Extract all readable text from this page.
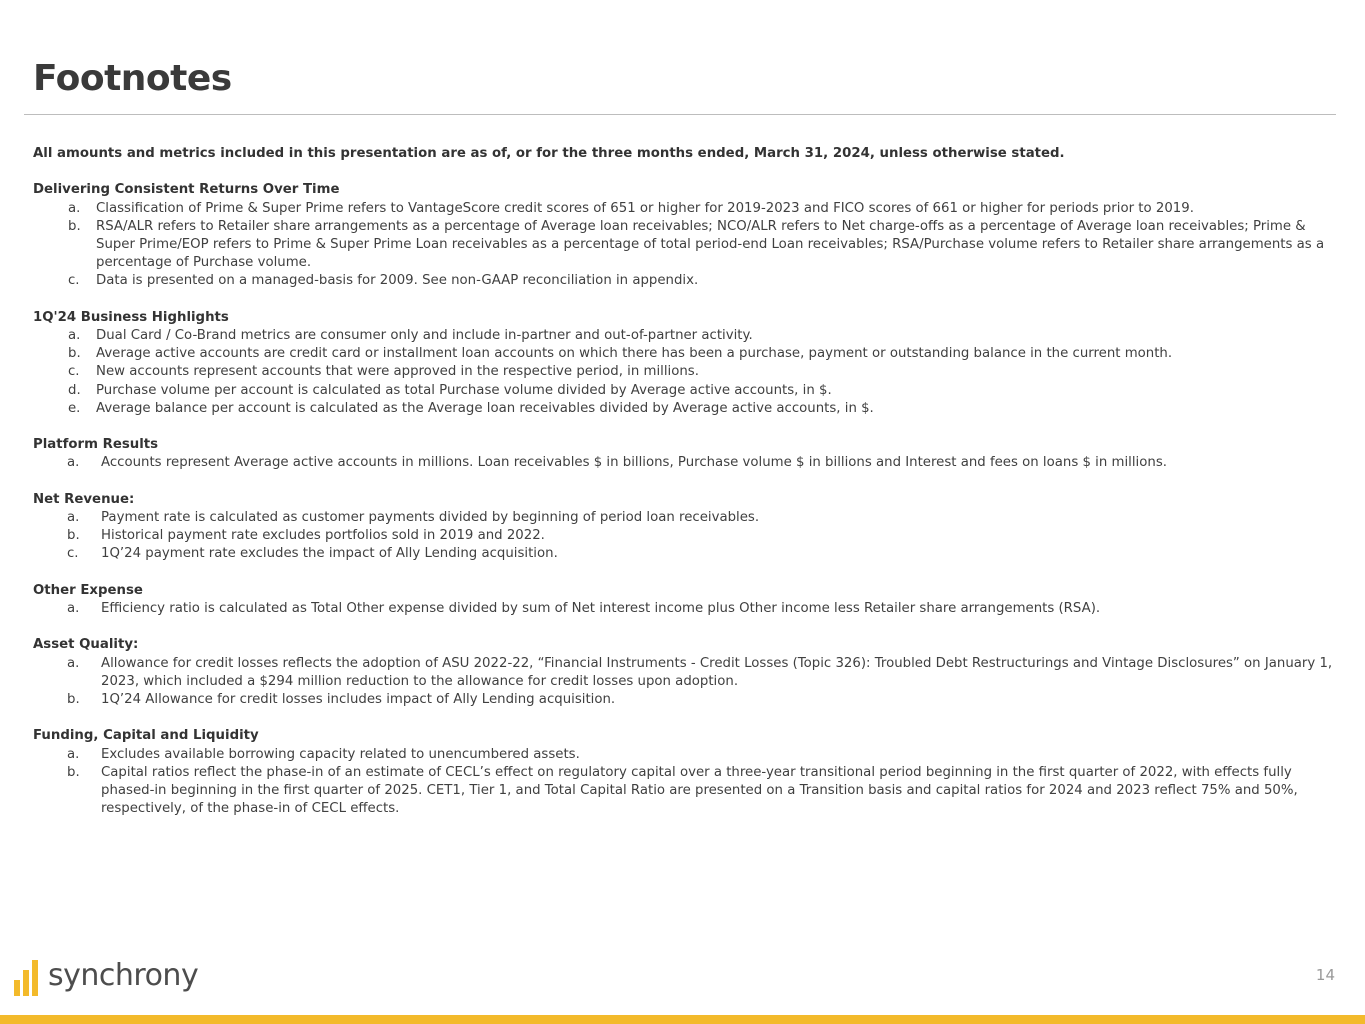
Footnotes
All amounts and metrics included in this presentation are as of, or for the three months ended, March 31, 2024, unless otherwise stated.
Delivering Consistent Returns Over Time
a.	Classification of Prime & Super Prime refers to VantageScore credit scores of 651 or higher for 2019-2023 and FICO scores of 661 or higher for periods prior to 2019.
b.	RSA/ALR refers to Retailer share arrangements as a percentage of Average loan receivables; NCO/ALR refers to Net charge-offs as a percentage of Average loan receivables; Prime & Super Prime/EOP refers to Prime & Super Prime Loan receivables as a percentage of total period-end Loan receivables; RSA/Purchase volume refers to Retailer share arrangements as a percentage of Purchase volume.
c.	Data is presented on a managed-basis for 2009. See non-GAAP reconciliation in appendix.
1Q'24 Business Highlights
a.	Dual Card / Co-Brand metrics are consumer only and include in-partner and out-of-partner activity.
b.	Average active accounts are credit card or installment loan accounts on which there has been a purchase, payment or outstanding balance in the current month.
c.	New accounts represent accounts that were approved in the respective period, in millions.
d.	Purchase volume per account is calculated as total Purchase volume divided by Average active accounts, in $.
e.	Average balance per account is calculated as the Average loan receivables divided by Average active accounts, in $.
Platform Results
a.	Accounts represent Average active accounts in millions. Loan receivables $ in billions, Purchase volume $ in billions and Interest and fees on loans $ in millions.
Net Revenue:
a.	Payment rate is calculated as customer payments divided by beginning of period loan receivables.
b.	Historical payment rate excludes portfolios sold in 2019 and 2022.
c.	1Q’24 payment rate excludes the impact of Ally Lending acquisition.
Other Expense
a.	Efficiency ratio is calculated as Total Other expense divided by sum of Net interest income plus Other income less Retailer share arrangements (RSA).
Asset Quality:
a.	Allowance for credit losses reflects the adoption of ASU 2022-22, “Financial Instruments - Credit Losses (Topic 326): Troubled Debt Restructurings and Vintage Disclosures” on January 1, 2023, which included a $294 million reduction to the allowance for credit losses upon adoption.
b.	1Q’24 Allowance for credit losses includes impact of Ally Lending acquisition.
Funding, Capital and Liquidity
a.	Excludes available borrowing capacity related to unencumbered assets.
b.	Capital ratios reflect the phase-in of an estimate of CECL’s effect on regulatory capital over a three-year transitional period beginning in the first quarter of 2022, with effects fully phased-in beginning in the first quarter of 2025. CET1, Tier 1, and Total Capital Ratio are presented on a Transition basis and capital ratios for 2024 and 2023 reflect 75% and 50%, respectively, of the phase-in of CECL effects.
synchrony	14
